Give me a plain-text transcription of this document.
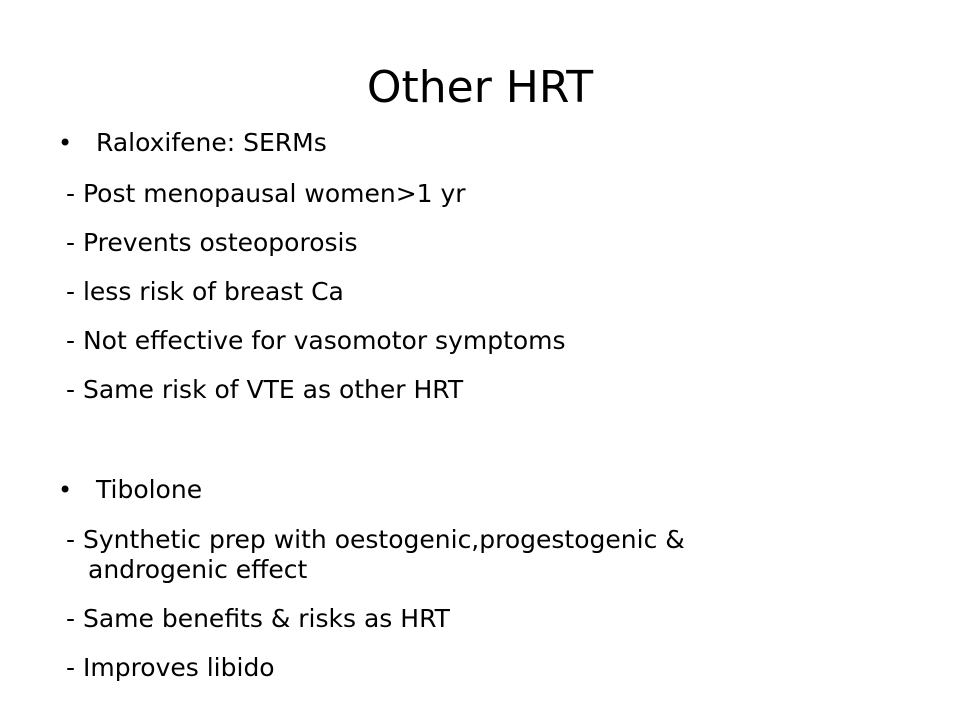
Other HRT
• Raloxifene: SERMs
- Post menopausal women>1 yr
- Prevents osteoporosis
- less risk of breast Ca
- Not effective for vasomotor symptoms
- Same risk of VTE as other HRT
• Tibolone
- Synthetic prep with oestogenic,progestogenic &
androgenic effect
- Same benefits & risks as HRT
- Improves libido
